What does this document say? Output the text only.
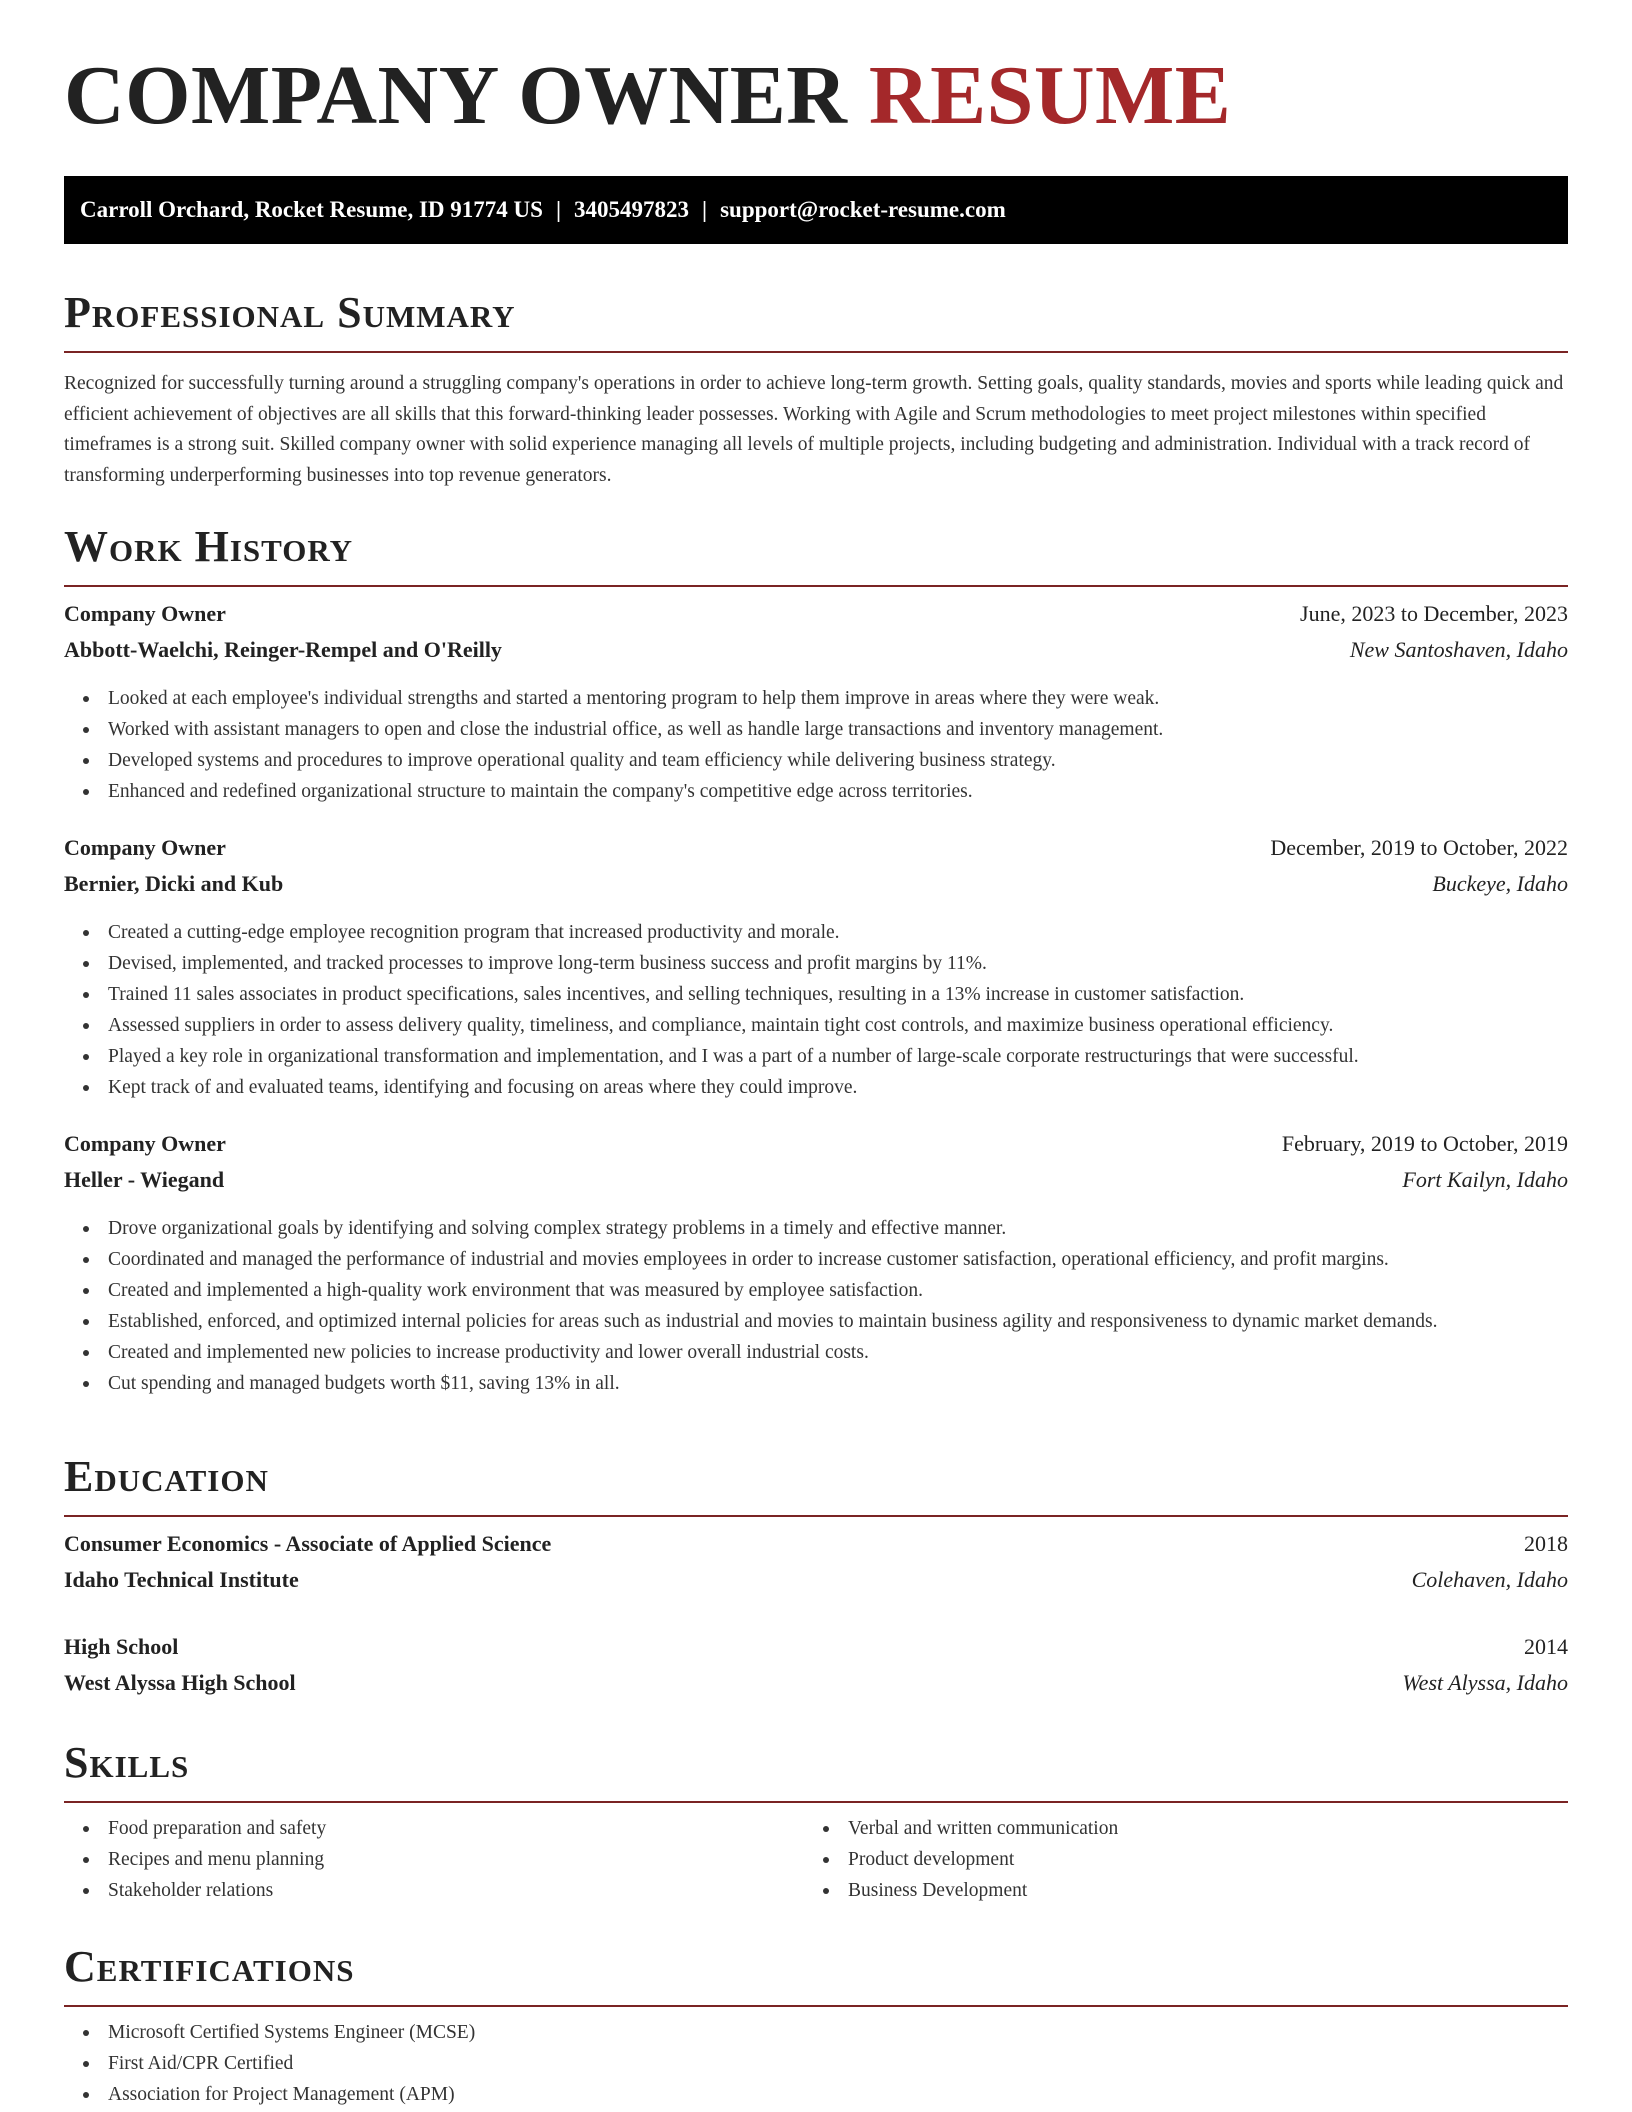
COMPANY OWNER RESUME
Carroll Orchard, Rocket Resume, ID 91774 US | 3405497823 | support@rocket-resume.com
Professional Summary

Recognized for successfully turning around a struggling company's operations in order to achieve long-term growth. Setting goals, quality standards, movies and sports while leading quick and efficient achievement of objectives are all skills that this forward-thinking leader possesses. Working with Agile and Scrum methodologies to meet project milestones within specified timeframes is a strong suit. Skilled company owner with solid experience managing all levels of multiple projects, including budgeting and administration. Individual with a track record of transforming underperforming businesses into top revenue generators.

Work History
Company Owner	June, 2023 to December, 2023
Abbott-Waelchi, Reinger-Rempel and O'Reilly	New Santoshaven, Idaho
Looked at each employee's individual strengths and started a mentoring program to help them improve in areas where they were weak.
Worked with assistant managers to open and close the industrial office, as well as handle large transactions and inventory management.
Developed systems and procedures to improve operational quality and team efficiency while delivering business strategy.
Enhanced and redefined organizational structure to maintain the company's competitive edge across territories.
Company Owner	December, 2019 to October, 2022
Bernier, Dicki and Kub	Buckeye, Idaho
Created a cutting-edge employee recognition program that increased productivity and morale.
Devised, implemented, and tracked processes to improve long-term business success and profit margins by 11%.
Trained 11 sales associates in product specifications, sales incentives, and selling techniques, resulting in a 13% increase in customer satisfaction.
Assessed suppliers in order to assess delivery quality, timeliness, and compliance, maintain tight cost controls, and maximize business operational efficiency.
Played a key role in organizational transformation and implementation, and I was a part of a number of large-scale corporate restructurings that were successful.
Kept track of and evaluated teams, identifying and focusing on areas where they could improve.
Company Owner	February, 2019 to October, 2019
Heller - Wiegand	Fort Kailyn, Idaho
Drove organizational goals by identifying and solving complex strategy problems in a timely and effective manner.
Coordinated and managed the performance of industrial and movies employees in order to increase customer satisfaction, operational efficiency, and profit margins.
Created and implemented a high-quality work environment that was measured by employee satisfaction.
Established, enforced, and optimized internal policies for areas such as industrial and movies to maintain business agility and responsiveness to dynamic market demands.
Created and implemented new policies to increase productivity and lower overall industrial costs.
Cut spending and managed budgets worth $11, saving 13% in all.
Education
Consumer Economics - Associate of Applied Science	2018
Idaho Technical Institute	Colehaven, Idaho
High School	2014
West Alyssa High School	West Alyssa, Idaho
Skills
Food preparation and safety
Recipes and menu planning
Stakeholder relations
Verbal and written communication
Product development
Business Development
Certifications
Microsoft Certified Systems Engineer (MCSE)
First Aid/CPR Certified
Association for Project Management (APM)
